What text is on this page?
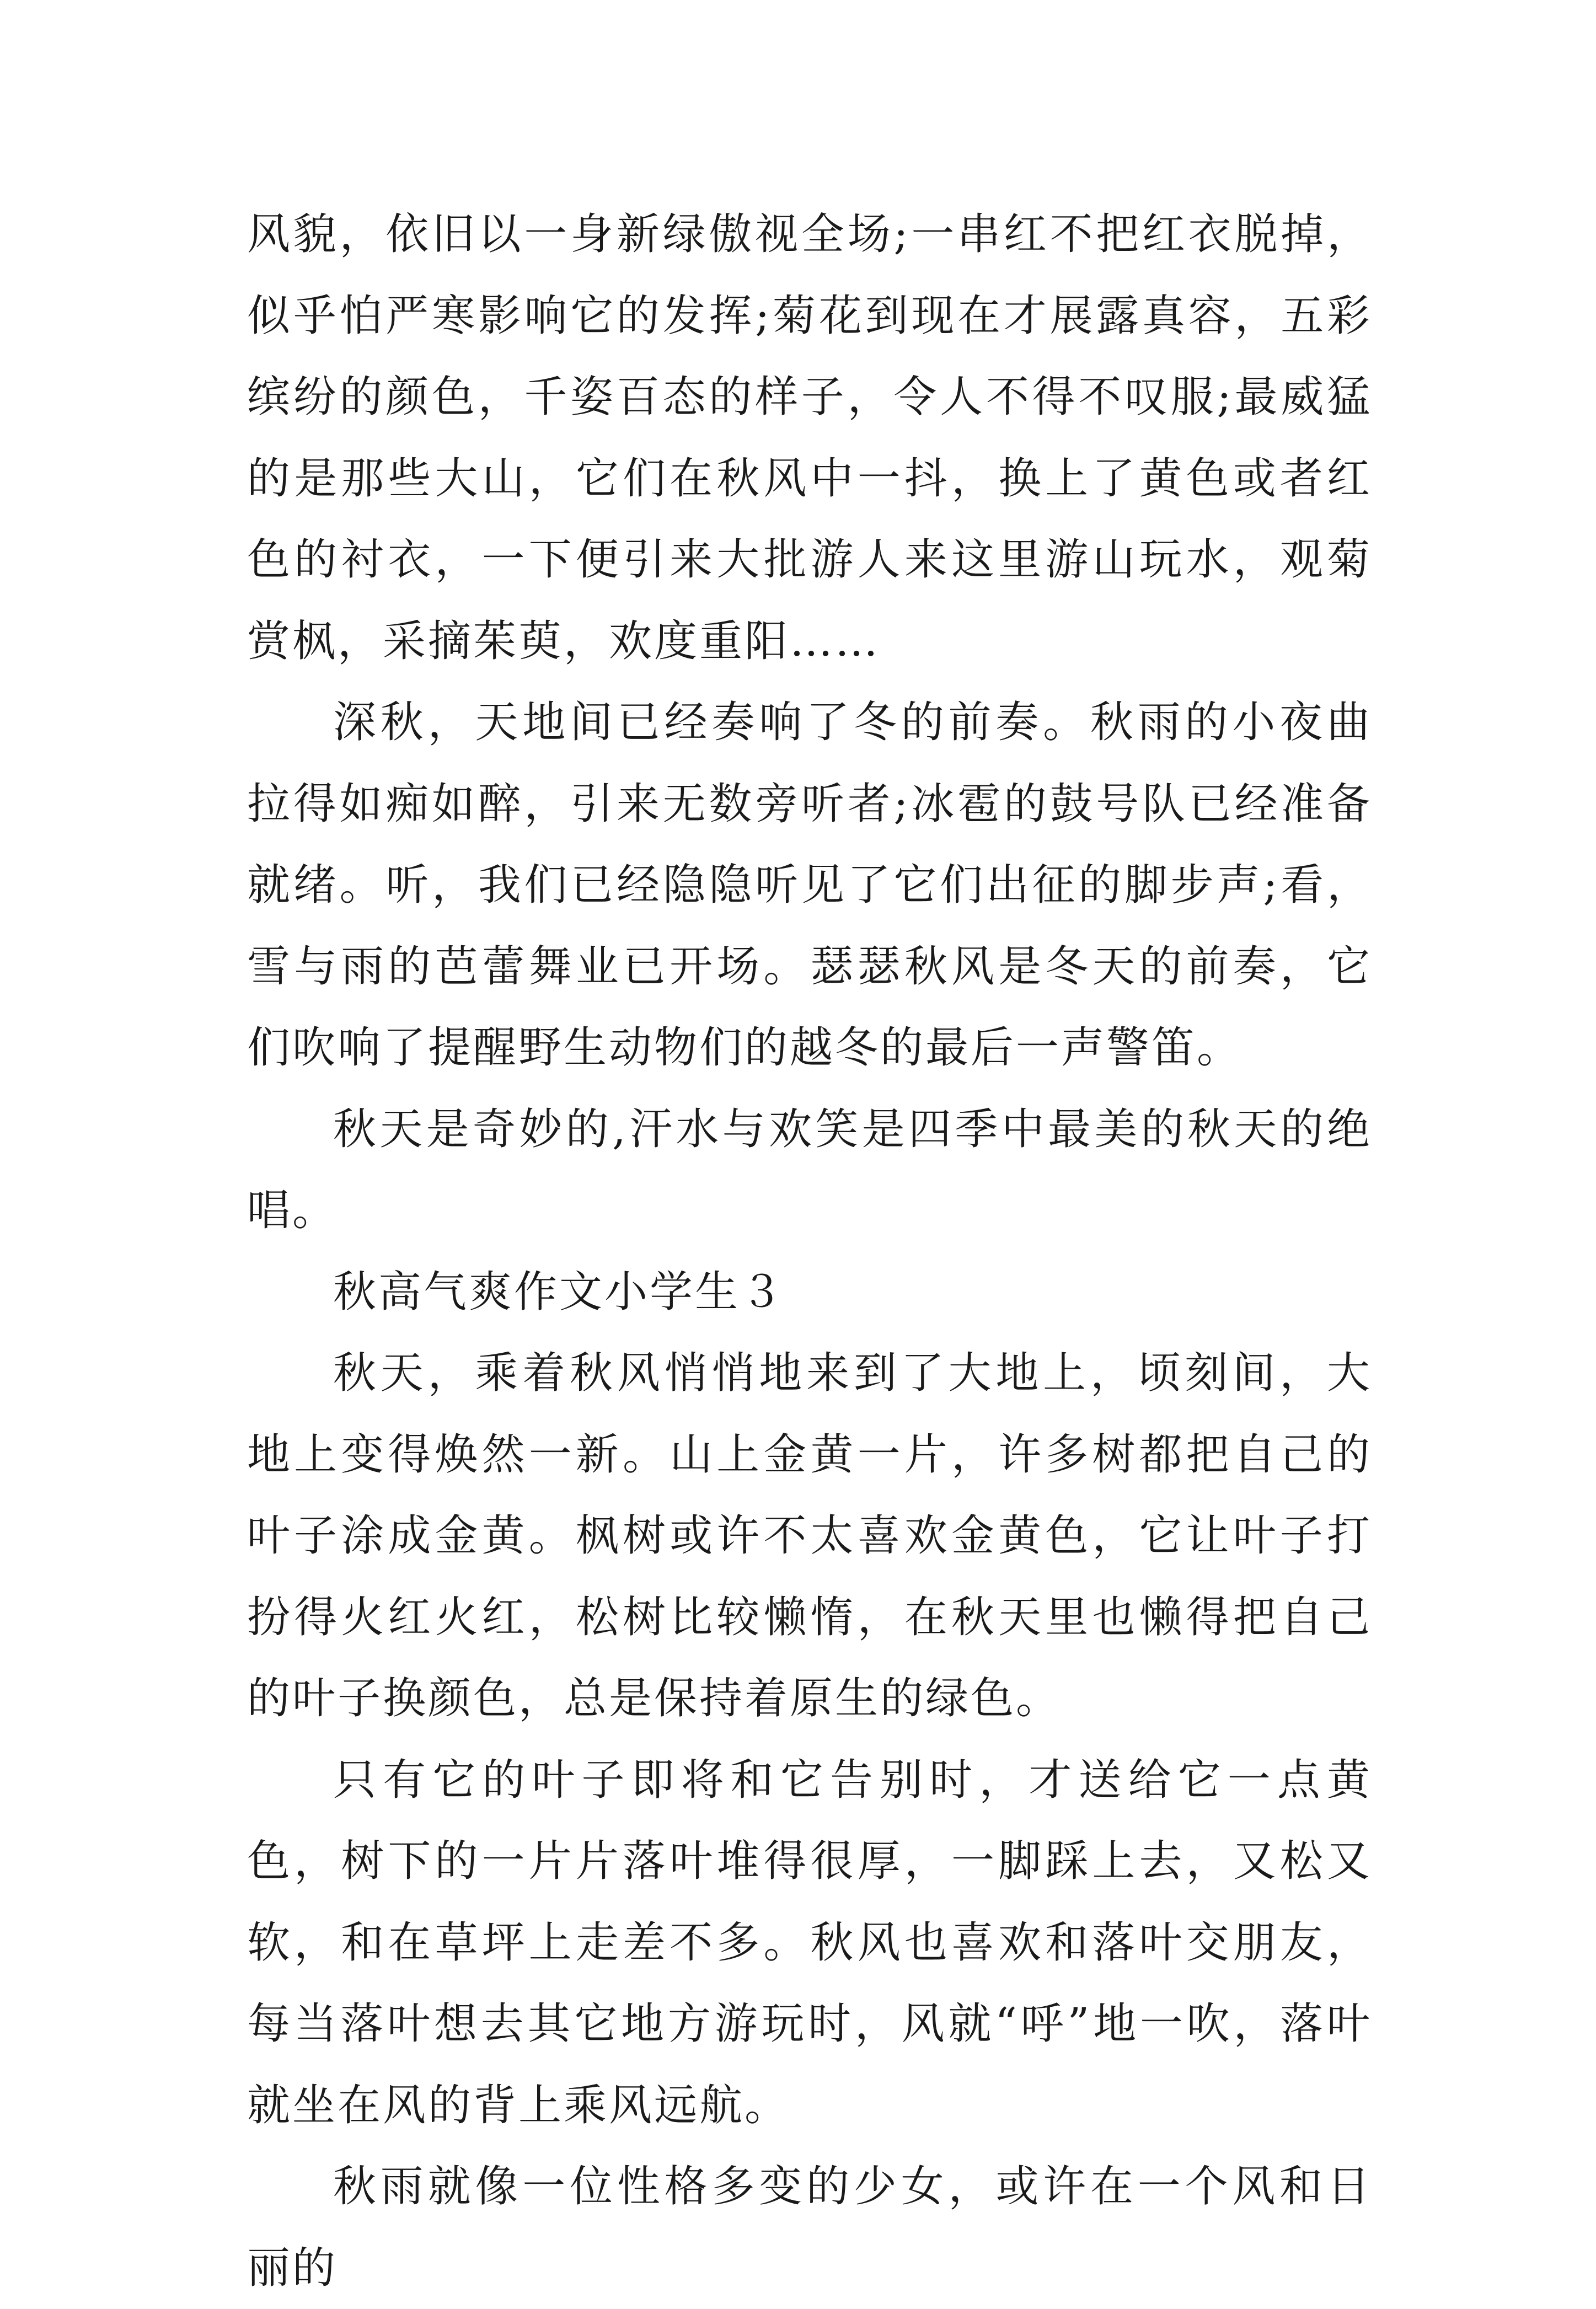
风貌，依旧以一身新绿傲视全场;一串红不把红衣脱掉，似乎怕严寒影响它的发挥;菊花到现在才展露真容，五彩缤纷的颜色，千姿百态的样子，令人不得不叹服;最威猛的是那些大山，它们在秋风中一抖，换上了黄色或者红色的衬衣，一下便引来大批游人来这里游山玩水，观菊赏枫，采摘茱萸，欢度重阳……

深秋，天地间已经奏响了冬的前奏。秋雨的小夜曲拉得如痴如醉，引来无数旁听者;冰雹的鼓号队已经准备就绪。听，我们已经隐隐听见了它们出征的脚步声;看，雪与雨的芭蕾舞业已开场。瑟瑟秋风是冬天的前奏，它们吹响了提醒野生动物们的越冬的最后一声警笛。

秋天是奇妙的,汗水与欢笑是四季中最美的秋天的绝唱。

秋高气爽作文小学生３

秋天，乘着秋风悄悄地来到了大地上，顷刻间，大地上变得焕然一新。山上金黄一片，许多树都把自己的叶子涂成金黄。枫树或许不太喜欢金黄色，它让叶子打扮得火红火红，松树比较懒惰，在秋天里也懒得把自己的叶子换颜色，总是保持着原生的绿色。

只有它的叶子即将和它告别时，才送给它一点黄色，树下的一片片落叶堆得很厚，一脚踩上去，又松又软，和在草坪上走差不多。秋风也喜欢和落叶交朋友，每当落叶想去其它地方游玩时，风就“呼”地一吹，落叶就坐在风的背上乘风远航。

秋雨就像一位性格多变的少女，或许在一个风和日丽的
